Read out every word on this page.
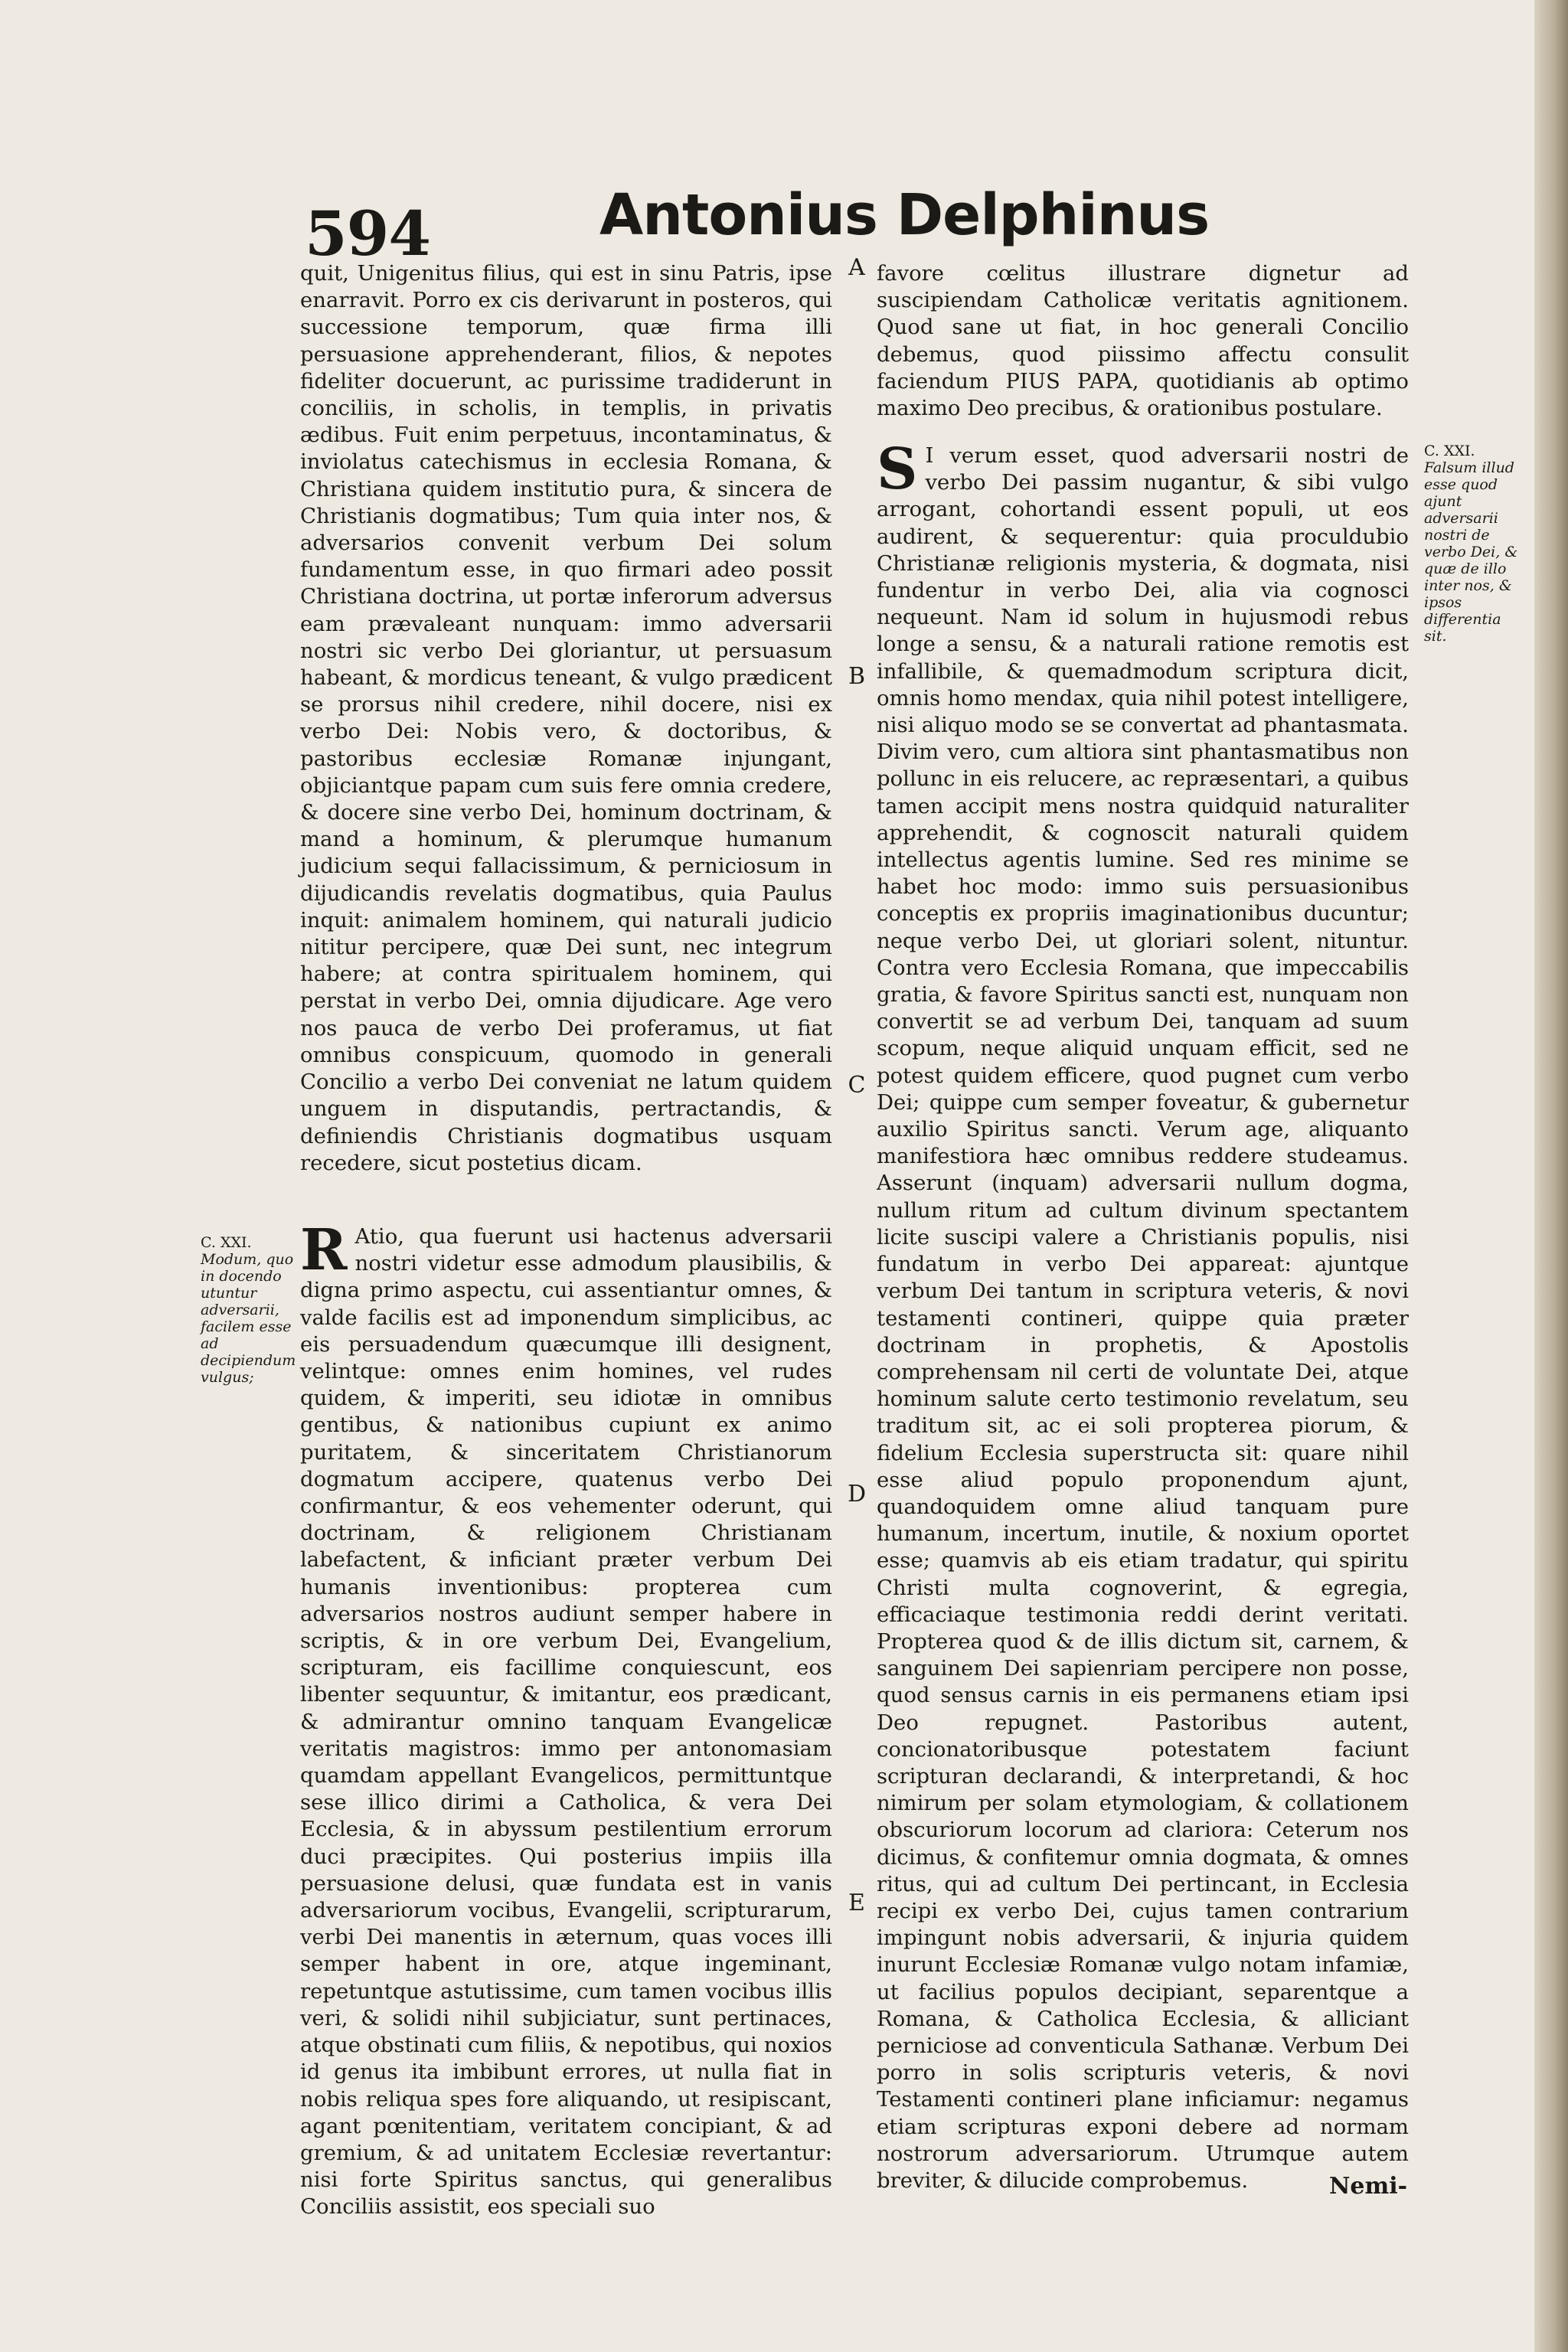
594	Antonius Delphinus

quit, Unigenitus filius, qui est in sinu Patris, ipse enarravit. Porro ex cis derivarunt in posteros, qui successione temporum, quæ firma illi persuasione apprehenderant, filios, & nepotes fideliter docuerunt, ac purissime tradiderunt in conciliis, in scholis, in templis, in privatis ædibus. Fuit enim perpetuus, incontaminatus, & inviolatus catechismus in ecclesia Romana, & Christiana quidem institutio pura, & sincera de Christianis dogmatibus; Tum quia inter nos, & adversarios convenit verbum Dei solum fundamentum esse, in quo firmari adeo possit Christiana doctrina, ut portæ inferorum adversus eam prævaleant nunquam: immo adversarii nostri sic verbo Dei gloriantur, ut persuasum habeant, & mordicus teneant, & vulgo prædicent se prorsus nihil credere, nihil docere, nisi ex verbo Dei: Nobis vero, & doctoribus, & pastoribus ecclesiæ Romanæ injungant, objiciantque papam cum suis fere omnia credere, & docere sine verbo Dei, hominum doctrinam, & mand a hominum, & plerumque humanum judicium sequi fallacissimum, & perniciosum in dijudicandis revelatis dogmatibus, quia Paulus inquit: animalem hominem, qui naturali judicio nititur percipere, quæ Dei sunt, nec integrum habere; at contra spiritualem hominem, qui perstat in verbo Dei, omnia dijudicare. Age vero nos pauca de verbo Dei proferamus, ut fiat omnibus conspicuum, quomodo in generali Concilio a verbo Dei conveniat ne latum quidem unguem in disputandis, pertractandis, & definiendis Christianis dogmatibus usquam recedere, sicut postetius dicam.

R Atio, qua fuerunt usi hactenus adversarii nostri videtur esse admodum plausibilis, & digna primo aspectu, cui assentiantur omnes, & valde facilis est ad imponendum simplicibus, ac eis persuadendum quæcumque illi designent, velintque: omnes enim homines, vel rudes quidem, & imperiti, seu idiotæ in omnibus gentibus, & nationibus cupiunt ex animo puritatem, & sinceritatem Christianorum dogmatum accipere, quatenus verbo Dei confirmantur, & eos vehementer oderunt, qui doctrinam, & religionem Christianam labefactent, & inficiant præter verbum Dei humanis inventionibus: propterea cum adversarios nostros audiunt semper habere in scriptis, & in ore verbum Dei, Evangelium, scripturam, eis facillime conquiescunt, eos libenter sequuntur, & imitantur, eos prædicant, & admirantur omnino tanquam Evangelicæ veritatis magistros: immo per antonomasiam quamdam appellant Evangelicos, permittuntque sese illico dirimi a Catholica, & vera Dei Ecclesia, & in abyssum pestilentium errorum duci præcipites. Qui posterius impiis illa persuasione delusi, quæ fundata est in vanis adversariorum vocibus, Evangelii, scripturarum, verbi Dei manentis in æternum, quas voces illi semper habent in ore, atque ingeminant, repetuntque astutissime, cum tamen vocibus illis veri, & solidi nihil subjiciatur, sunt pertinaces, atque obstinati cum filiis, & nepotibus, qui noxios id genus ita imbibunt errores, ut nulla fiat in nobis reliqua spes fore aliquando, ut resipiscant, agant pœnitentiam, veritatem concipiant, & ad gremium, & ad unitatem Ecclesiæ revertantur: nisi forte Spiritus sanctus, qui generalibus Conciliis assistit, eos speciali suo

favore cœlitus illustrare dignetur ad suscipiendam Catholicæ veritatis agnitionem. Quod sane ut fiat, in hoc generali Concilio debemus, quod piissimo affectu consulit faciendum PIUS PAPA, quotidianis ab optimo maximo Deo precibus, & orationibus postulare.

S I verum esset, quod adversarii nostri de verbo Dei passim nugantur, & sibi vulgo arrogant, cohortandi essent populi, ut eos audirent, & sequerentur: quia proculdubio Christianæ religionis mysteria, & dogmata, nisi fundentur in verbo Dei, alia via cognosci nequeunt. Nam id solum in hujusmodi rebus longe a sensu, & a naturali ratione remotis est infallibile, & quemadmodum scriptura dicit, omnis homo mendax, quia nihil potest intelligere, nisi aliquo modo se se convertat ad phantasmata. Divim vero, cum altiora sint phantasmatibus non pollunc in eis relucere, ac repræsentari, a quibus tamen accipit mens nostra quidquid naturaliter apprehendit, & cognoscit naturali quidem intellectus agentis lumine. Sed res minime se habet hoc modo: immo suis persuasionibus conceptis ex propriis imaginationibus ducuntur; neque verbo Dei, ut gloriari solent, nituntur. Contra vero Ecclesia Romana, que impeccabilis gratia, & favore Spiritus sancti est, nunquam non convertit se ad verbum Dei, tanquam ad suum scopum, neque aliquid unquam efficit, sed ne potest quidem efficere, quod pugnet cum verbo Dei; quippe cum semper foveatur, & gubernetur auxilio Spiritus sancti. Verum age, aliquanto manifestiora hæc omnibus reddere studeamus. Asserunt (inquam) adversarii nullum dogma, nullum ritum ad cultum divinum spectantem licite suscipi valere a Christianis populis, nisi fundatum in verbo Dei appareat: ajuntque verbum Dei tantum in scriptura veteris, & novi testamenti contineri, quippe quia præter doctrinam in prophetis, & Apostolis comprehensam nil certi de voluntate Dei, atque hominum salute certo testimonio revelatum, seu traditum sit, ac ei soli propterea piorum, & fidelium Ecclesia superstructa sit: quare nihil esse aliud populo proponendum ajunt, quandoquidem omne aliud tanquam pure humanum, incertum, inutile, & noxium oportet esse; quamvis ab eis etiam tradatur, qui spiritu Christi multa cognoverint, & egregia, efficaciaque testimonia reddi derint veritati. Propterea quod & de illis dictum sit, carnem, & sanguinem Dei sapienriam percipere non posse, quod sensus carnis in eis permanens etiam ipsi Deo repugnet. Pastoribus autent, concionatoribusque potestatem faciunt scripturan declarandi, & interpretandi, & hoc nimirum per solam etymologiam, & collationem obscuriorum locorum ad clariora: Ceterum nos dicimus, & confitemur omnia dogmata, & omnes ritus, qui ad cultum Dei pertincant, in Ecclesia recipi ex verbo Dei, cujus tamen contrarium impingunt nobis adversarii, & injuria quidem inurunt Ecclesiæ Romanæ vulgo notam infamiæ, ut facilius populos decipiant, separentque a Romana, & Catholica Ecclesia, & alliciant perniciose ad conventicula Sathanæ. Verbum Dei porro in solis scripturis veteris, & novi Testamenti contineri plane inficiamur: negamus etiam scripturas exponi debere ad normam nostrorum adversariorum. Utrumque autem breviter, & dilucide comprobemus.

C. XXI.
Modum, quo in docendo utuntur adversarii, facilem esse ad decipiendum vulgus;
C. XXI.
Falsum illud esse quod ajunt adversarii nostri de verbo Dei, & quæ de illo inter nos, & ipsos differentia sit.
A
B
C
D
E
Nemi-
